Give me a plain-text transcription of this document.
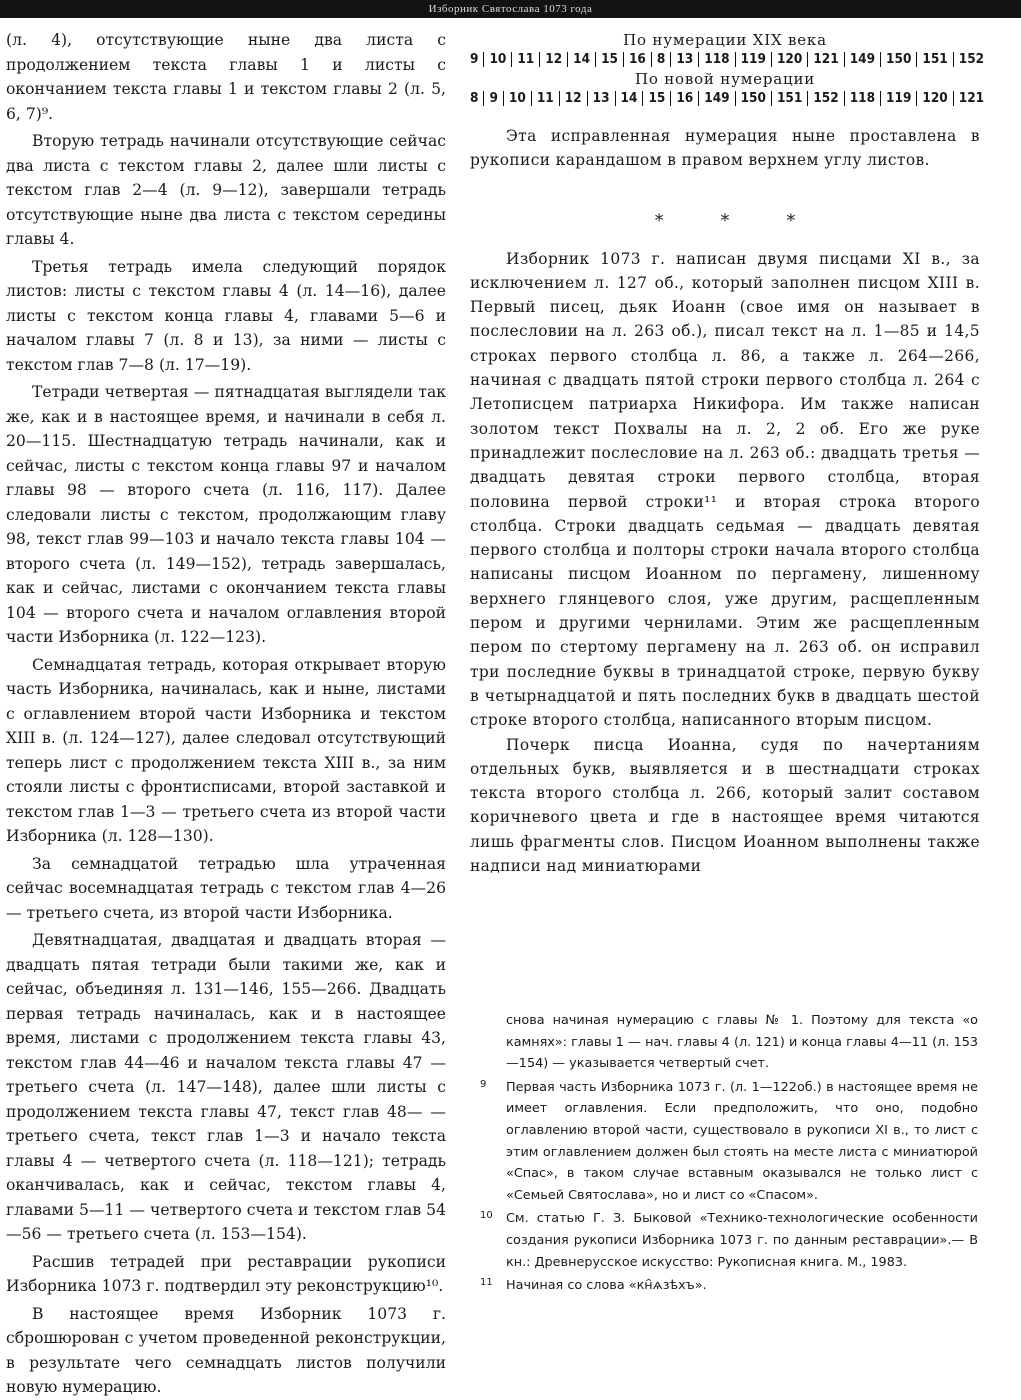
Изборник Святослава 1073 года

(л. 4), отсутствующие ныне два листа с продолжением текста главы 1 и листы с окончанием текста главы 1 и текстом главы 2 (л. 5, 6, 7)⁹.

Вторую тетрадь начинали отсутствующие сейчас два листа с текстом главы 2, далее шли листы с текстом глав 2—4 (л. 9—12), завершали тетрадь отсутствующие ныне два листа с текстом середины главы 4.

Третья тетрадь имела следующий порядок листов: листы с текстом главы 4 (л. 14—16), далее листы с текстом конца главы 4, главами 5—6 и началом главы 7 (л. 8 и 13), за ними — листы с текстом глав 7—8 (л. 17—19).

Тетради четвертая — пятнадцатая выглядели так же, как и в настоящее время, и начинали в себя л. 20—115. Шестнадцатую тетрадь начинали, как и сейчас, листы с текстом конца главы 97 и началом главы 98 — второго счета (л. 116, 117). Далее следовали листы с текстом, продолжающим главу 98, текст глав 99—103 и начало текста главы 104 — второго счета (л. 149—152), тетрадь завершалась, как и сейчас, листами с окончанием текста главы 104 — второго счета и началом оглавления второй части Изборника (л. 122—123).

Семнадцатая тетрадь, которая открывает вторую часть Изборника, начиналась, как и ныне, листами с оглавлением второй части Изборника и текстом XIII в. (л. 124—127), далее следовал отсутствующий теперь лист с продолжением текста XIII в., за ним стояли листы с фронтисписами, второй заставкой и текстом глав 1—3 — третьего счета из второй части Изборника (л. 128—130).

За семнадцатой тетрадью шла утраченная сейчас восемнадцатая тетрадь с текстом глав 4—26 — третьего счета, из второй части Изборника.

Девятнадцатая, двадцатая и двадцать вторая — двадцать пятая тетради были такими же, как и сейчас, объединяя л. 131—146, 155—266. Двадцать первая тетрадь начиналась, как и в настоящее время, листами с продолжением текста главы 43, текстом глав 44—46 и началом текста главы 47 — третьего счета (л. 147—148), далее шли листы с продолжением текста главы 47, текст глав 48— — третьего счета, текст глав 1—3 и начало текста главы 4 — четвертого счета (л. 118—121); тетрадь оканчивалась, как и сейчас, текстом главы 4, главами 5—11 — четвертого счета и текстом глав 54—56 — третьего счета (л. 153—154).

Расшив тетрадей при реставрации рукописи Изборника 1073 г. подтвердил эту реконструкцию¹⁰.

В настоящее время Изборник 1073 г. сброшюрован с учетом проведенной реконструкции, в результате чего семнадцать листов получили новую нумерацию.

По нумерации XIX века

9 10 11 12 14 15 16 8 13 118 119 120 121 149 150 151 152

По новой нумерации

8 9 10 11 12 13 14 15 16 149 150 151 152 118 119 120 121

Эта исправленная нумерация ныне проставлена в рукописи карандашом в правом верхнем углу листов.

* * *

Изборник 1073 г. написан двумя писцами XI в., за исключением л. 127 об., который заполнен писцом XIII в. Первый писец, дьяк Иоанн (свое имя он называет в послесловии на л. 263 об.), писал текст на л. 1—85 и 14,5 строках первого столбца л. 86, а также л. 264—266, начиная с двадцать пятой строки первого столбца л. 264 с Летописцем патриарха Никифора. Им также написан золотом текст Похвалы на л. 2, 2 об. Его же руке принадлежит послесловие на л. 263 об.: двадцать третья — двадцать девятая строки первого столбца, вторая половина первой строки¹¹ и вторая строка второго столбца. Строки двадцать седьмая — двадцать девятая первого столбца и полторы строки начала второго столбца написаны писцом Иоанном по пергамену, лишенному верхнего глянцевого слоя, уже другим, расщепленным пером и другими чернилами. Этим же расщепленным пером по стертому пергамену на л. 263 об. он исправил три последние буквы в тринадцатой строке, первую букву в четырнадцатой и пять последних букв в двадцать шестой строке второго столбца, написанного вторым писцом.

Почерк писца Иоанна, судя по начертаниям отдельных букв, выявляется и в шестнадцати строках текста второго столбца л. 266, который залит составом коричневого цвета и где в настоящее время читаются лишь фрагменты слов. Писцом Иоанном выполнены также надписи над миниатюрами

снова начиная нумерацию с главы № 1. Поэтому для текста «о камнях»: главы 1 — нач. главы 4 (л. 121) и конца главы 4—11 (л. 153—154) — указывается четвертый счет.

9 Первая часть Изборника 1073 г. (л. 1—122об.) в настоящее время не имеет оглавления. Если предположить, что оно, подобно оглавлению второй части, существовало в рукописи XI в., то лист с этим оглавлением должен был стоять на месте листа с миниатюрой «Спас», в таком случае вставным оказывался не только лист с «Семьей Святослава», но и лист со «Спасом».

10 См. статью Г. З. Быковой «Технико-технологические особенности создания рукописи Изборника 1073 г. по данным реставрации».— В кн.: Древнерусское искусство: Рукописная книга. М., 1983.

11 Начиная со слова «кн҄ѧзѣхъ».
